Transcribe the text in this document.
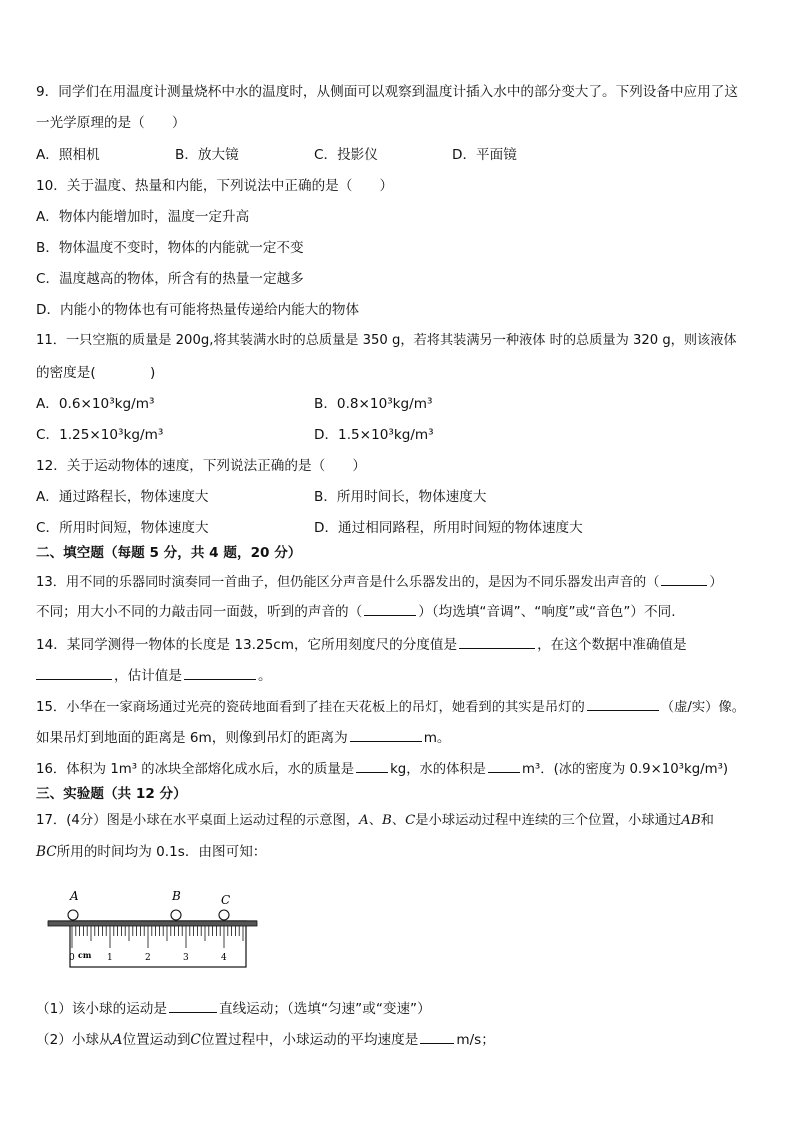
9．同学们在用温度计测量烧杯中水的温度时，从侧面可以观察到温度计插入水中的部分变大了。下列设备中应用了这
一光学原理的是（　　）
A．照相机	B．放大镜	C．投影仪	D．平面镜
10．关于温度、热量和内能，下列说法中正确的是（　　）
A．物体内能增加时，温度一定升高
B．物体温度不变时，物体的内能就一定不变
C．温度越高的物体，所含有的热量一定越多
D．内能小的物体也有可能将热量传递给内能大的物体
11．一只空瓶的质量是 200g,将其装满水时的总质量是 350 g，若将其装满另一种液体 时的总质量为 320 g，则该液体
的密度是(　　　　)
A．0.6×10³kg/m³	B．0.8×10³kg/m³
C．1.25×10³kg/m³	D．1.5×10³kg/m³
12．关于运动物体的速度，下列说法正确的是（　　）
A．通过路程长，物体速度大	B．所用时间长，物体速度大
C．所用时间短，物体速度大	D．通过相同路程，所用时间短的物体速度大
二、填空题（每题 5 分，共 4 题，20 分）
13．用不同的乐器同时演奏同一首曲子，但仍能区分声音是什么乐器发出的，是因为不同乐器发出声音的（	）
不同；用大小不同的力敲击同一面鼓，听到的声音的（	）（均选填“音调”、“响度”或“音色”）不同.
14．某同学测得一物体的长度是 13.25cm，它所用刻度尺的分度值是	，在这个数据中准确值是
，估计值是	。
15．小华在一家商场通过光亮的瓷砖地面看到了挂在天花板上的吊灯，她看到的其实是吊灯的	（虚/实）像。
如果吊灯到地面的距离是 6m，则像到吊灯的距离为	m。
16．体积为 1m³ 的冰块全部熔化成水后，水的质量是	kg，水的体积是	m³．(冰的密度为 0.9×10³kg/m³)
三、实验题（共 12 分）
17．(4分）图是小球在水平桌面上运动过程的示意图，A、B、C是小球运动过程中连续的三个位置，小球通过AB和
BC所用的时间均为 0.1s．由图可知：
A	B	C
cm
0	1	2	3	4
（1）该小球的运动是	直线运动；（选填“匀速”或“变速”）
（2）小球从A位置运动到C位置过程中，小球运动的平均速度是	m/s；
